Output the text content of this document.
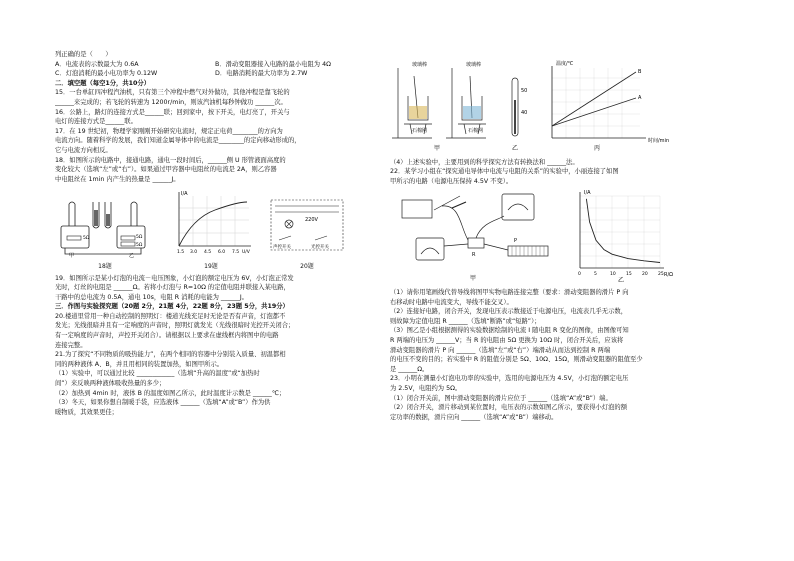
列正确的是（　　）
A．电流表的示数最大为 0.6A	B．滑动变阻器接入电路的最小电阻为 4Ω
C．灯泡消耗的最小电功率为 0.12W	D．电路消耗的最大功率为 2.7W
二．填空题（每空1分，共10分）
15．一台单缸四冲程汽油机，只有第三个冲程中燃气对外做功，其他冲程是靠飞轮的
______来完成的；若飞轮的转速为 1200r/min，则该汽油机每秒钟做功 ______次。
16．公路上，路灯的连接方式是______联；回到家中，按下开关，电灯亮了，开关与
电灯的连接方式是______联。
17．在 19 世纪初，物理学家刚刚开始研究电流时，规定正电荷________的方向为
电流方向。随着科学的发展，我们知道金属导体中的电流是________的定向移动形成的，
它与电流方向相反。
18．如图所示的电路中，接通电路，通电一段时间后，______侧 U 形管液面高度的
变化较大（选填“左”或“右”）。如果通过甲容器中电阻丝的电流是 2A，则乙容器
中电阻丝在 1min 内产生的热量是 ______J。
5Ω	5Ω
5Ω
甲	乙
18题
I/A
1.5 3.0 4.5 6.0 7.5 U/V
19题
220V
声控开关	光控开关
20题
19．如图所示是某小灯泡的电流－电压图象，小灯泡的额定电压为 6V，小灯泡正常发
光时，灯丝的电阻是 ______Ω。若将小灯泡与 R=10Ω 的定值电阻并联接入某电路，
干路中的总电流为 0.5A，通电 10s，电阻 R 消耗的电能为 ______J。
三．作图与实验探究题（20题 2分，21题 4分，22题 8分，23题 5分，共19分）
20.楼道里常用一种自动控制的照明灯：楼道光线充足时无论是否有声音，灯泡都不
发光；光线很暗并且有一定响度的声音时，照明灯就发光（光线很暗时光控开关闭合；
有一定响度的声音时，声控开关闭合）。请根据以上要求在虚线框内将图中的电路
连接完整。
21.为了探究“不同物质的吸热能力”，在两个相同的容器中分别装入质量、初温都相
同的两种液体 A、B，并且用相同的装置加热，如图甲所示。
（1）实验中，可以通过比较 ____________（选填“升高的温度”或“加热时
间”）来反映两种液体吸收热量的多少；
（2）加热到 4min 时，液体 B 的温度如图乙所示，此时温度计示数是 ______℃；
（3）冬天，如果你想自制暖手袋，应选液体 ______（选填“A”或“B”）作为供
暖物质，其效果更佳；
玻璃棒	玻璃棒
石棉网	石棉网
甲
50
40
乙
温度/℃
B
A
时间/min
丙
（4）上述实验中，主要用到的科学探究方法有转换法和 ______法。
22．某学习小组在“探究通电导体中电流与电阻的关系”的实验中，小丽连接了如图
甲所示的电路（电源电压保持 4.5V 不变）。
R
P
甲
0	5	10 15 20 25
I/A
R/Ω
乙
（1）请你用笔画线代替导线将图甲实物电路连接完整（要求：滑动变阻器的滑片 P 向
右移动时电路中电流变大，导线不能交叉）。
（2）连接好电路，闭合开关，发现电压表示数接近于电源电压，电流表几乎无示数，
则故障为定值电阻 R ______（选填“断路”或“短路”）；
（3）图乙是小组根据测得的实验数据绘制的电流 I 随电阻 R 变化的图像，由图像可知
R 两端的电压为 ______V；当 R 的电阻由 5Ω 更换为 10Ω 时，闭合开关后，应该将
滑动变阻器的滑片 P 向 ______（选填“左”或“右”）端滑动从而达到控制 R 两端
的电压不变的目的；若实验中 R 的阻值分别是 5Ω、10Ω、15Ω，则滑动变阻器的阻值至少
是 ______Ω。
23．小明在测量小灯泡电功率的实验中，选用的电源电压为 4.5V，小灯泡的额定电压
为 2.5V，电阻约为 5Ω。
（1）闭合开关前，图中滑动变阻器的滑片应位于 ______（选填“A”或“B”）端。
（2）闭合开关，滑片移动到某位置时，电压表的示数如图乙所示，要获得小灯泡的额
定功率的数据，滑片应向 ______（选填“A”或“B”）端移动。
